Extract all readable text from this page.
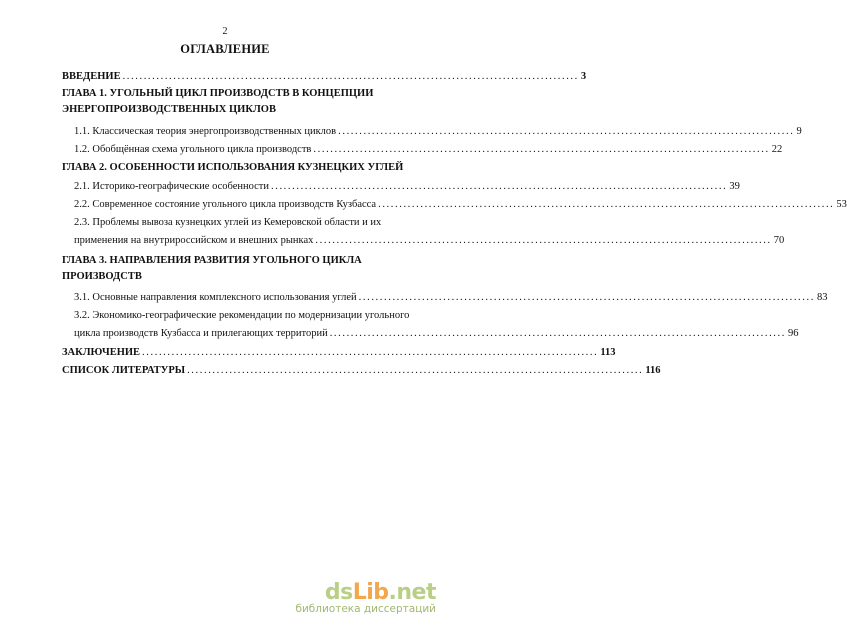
2
ОГЛАВЛЕНИЕ
ВВЕДЕНИЕ ............................................................................................................ 3
ГЛАВА 1. УГОЛЬНЫЙ ЦИКЛ ПРОИЗВОДСТВ В КОНЦЕПЦИИ
ЭНЕРГОПРОИЗВОДСТВЕННЫХ ЦИКЛОВ
1.1. Классическая теория энергопроизводственных циклов ............................................................................................................ 9
1.2. Обобщённая схема угольного цикла производств ............................................................................................................ 22
ГЛАВА 2. ОСОБЕННОСТИ ИСПОЛЬЗОВАНИЯ КУЗНЕЦКИХ УГЛЕЙ
2.1. Историко-географические особенности ............................................................................................................ 39
2.2. Современное состояние угольного цикла производств Кузбасса ............................................................................................................ 53
2.3. Проблемы вывоза кузнецких углей из Кемеровской области и их
применения на внутрироссийском и внешних рынках ............................................................................................................ 70
ГЛАВА 3. НАПРАВЛЕНИЯ РАЗВИТИЯ УГОЛЬНОГО ЦИКЛА
ПРОИЗВОДСТВ
3.1. Основные направления комплексного использования углей ............................................................................................................ 83
3.2. Экономико-географические рекомендации по модернизации угольного
цикла производств Кузбасса и прилегающих территорий ............................................................................................................ 96
ЗАКЛЮЧЕНИЕ ............................................................................................................ 113
СПИСОК ЛИТЕРАТУРЫ ............................................................................................................ 116
dsLib.net
библиотека диссертаций
